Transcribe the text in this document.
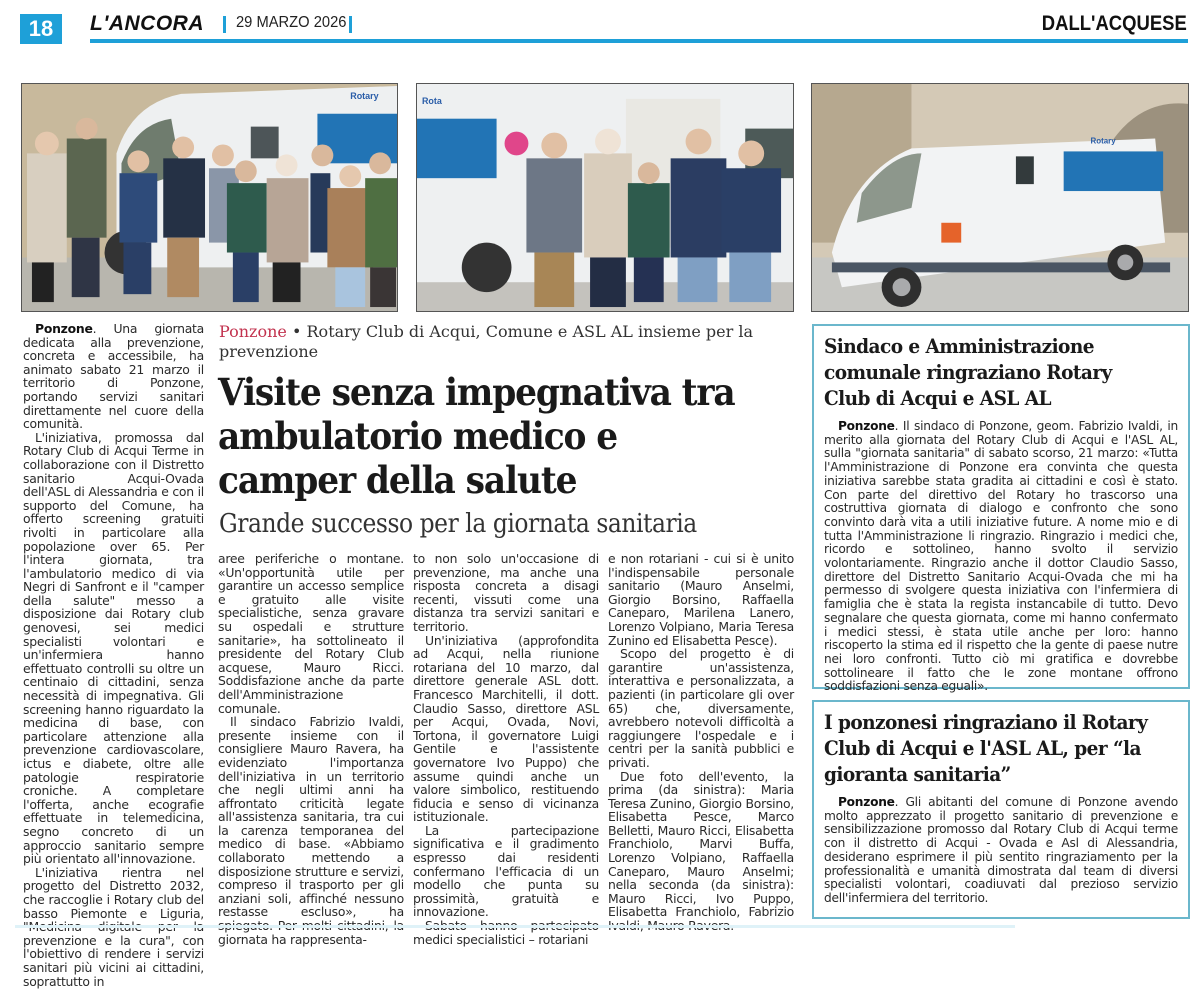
18	L'ANCORA 29 MARZO 2026	DALL'ACQUESE
Rotary	Rota
Rotary
Ponzone • Rotary Club di Acqui, Comune e ASL AL insieme per la prevenzione
Visite senza impegnativa tra ambulatorio medico e camper della salute
Grande successo per la giornata sanitaria

Ponzone. Una giornata dedicata alla prevenzione, concreta e accessibile, ha animato sabato 21 marzo il territorio di Ponzone, portando servizi sanitari direttamente nel cuore della comunità.

L'iniziativa, promossa dal Rotary Club di Acqui Terme in collaborazione con il Distretto sanitario Acqui-Ovada dell'ASL di Alessandria e con il supporto del Comune, ha offerto screening gratuiti rivolti in particolare alla popolazione over 65. Per l'intera giornata, tra l'ambulatorio medico di via Negri di Sanfront e il "camper della salute" messo a disposizione dai Rotary club genovesi, sei medici specialisti volontari e un'infermiera hanno effettuato controlli su oltre un centinaio di cittadini, senza necessità di impegnativa. Gli screening hanno riguardato la medicina di base, con particolare attenzione alla prevenzione cardiovascolare, ictus e diabete, oltre alle patologie respiratorie croniche. A completare l'offerta, anche ecografie effettuate in telemedicina, segno concreto di un approccio sanitario sempre più orientato all'innovazione.

L'iniziativa rientra nel progetto del Distretto 2032, che raccoglie i Rotary club del basso Piemonte e Liguria, prevenzione e la cura", con l'obiettivo di rendere i servizi sanitari più vicini ai cittadini, soprattutto in

aree periferiche o montane. «Un'opportunità utile per garantire un accesso semplice e gratuito alle visite specialistiche, senza gravare su ospedali e strutture sanitarie», ha sottolineato il presidente del Rotary Club acquese, Mauro Ricci. Soddisfazione anche da parte dell'Amministrazione comunale.

Il sindaco Fabrizio Ivaldi, presente insieme con il consigliere Mauro Ravera, ha evidenziato l'importanza dell'iniziativa in un territorio che negli ultimi anni ha affrontato criticità legate all'assistenza sanitaria, tra cui la carenza temporanea del medico di base. «Abbiamo collaborato mettendo a disposizione strutture e servizi, compreso il trasporto per gli anziani soli, affinché nessuno restasse escluso», ha giornata ha rappresenta-

to non solo un'occasione di prevenzione, ma anche una risposta concreta a disagi recenti, vissuti come una distanza tra servizi sanitari e territorio.

Un'iniziativa (approfondita ad Acqui, nella riunione rotariana del 10 marzo, dal direttore generale ASL dott. Francesco Marchitelli, il dott. Claudio Sasso, direttore ASL per Acqui, Ovada, Novi, Tortona, il governatore Luigi Gentile e l'assistente governatore Ivo Puppo) che assume quindi anche un valore simbolico, restituendo fiducia e senso di vicinanza istituzionale.

La partecipazione significativa e il gradimento espresso dai residenti confermano l'efficacia di un modello che punta su prossimità, gratuità e innovazione.

medici specialistici – rotariani

e non rotariani - cui si è unito l'indispensabile personale sanitario (Mauro Anselmi, Giorgio Borsino, Raffaella Caneparo, Marilena Lanero, Lorenzo Volpiano, Maria Teresa Zunino ed Elisabetta Pesce).

Scopo del progetto è di garantire un'assistenza, interattiva e personalizzata, a pazienti (in particolare gli over 65) che, diversamente, avrebbero notevoli difficoltà a raggiungere l'ospedale e i centri per la sanità pubblici e privati.

Due foto dell'evento, la prima (da sinistra): Maria Teresa Zunino, Giorgio Borsino, Elisabetta Pesce, Marco Belletti, Mauro Ricci, Elisabetta Franchiolo, Marvi Buffa, Lorenzo Volpiano, Raffaella Caneparo, Mauro Anselmi; nella seconda (da sinistra): Mauro Ricci, Ivo Puppo, Elisabetta Franchiolo, Fabrizio

Sindaco e Amministrazione comunale ringraziano Rotary Club di Acqui e ASL AL

Ponzone. Il sindaco di Ponzone, geom. Fabrizio Ivaldi, in merito alla giornata del Rotary Club di Acqui e l'ASL AL, sulla "giornata sanitaria" di sabato scorso, 21 marzo: «Tutta l'Amministrazione di Ponzone era convinta che questa iniziativa sarebbe stata gradita ai cittadini e così è stato. Con parte del direttivo del Rotary ho trascorso una costruttiva giornata di dialogo e confronto che sono convinto darà vita a utili iniziative future. A nome mio e di tutta l'Amministrazione li ringrazio. Ringrazio i medici che, ricordo e sottolineo, hanno svolto il servizio volontariamente. Ringrazio anche il dottor Claudio Sasso, direttore del Distretto Sanitario Acqui-Ovada che mi ha permesso di svolgere questa iniziativa con l'infermiera di famiglia che è stata la regista instancabile di tutto. Devo segnalare che questa giornata, come mi hanno confermato i medici stessi, è stata utile anche per loro: hanno riscoperto la stima ed il rispetto che la gente di paese nutre nei loro confronti. Tutto ciò mi gratifica e dovrebbe sottolineare il fatto che le zone montane offrono soddisfazioni senza eguali».

I ponzonesi ringraziano il Rotary Club di Acqui e l'ASL AL, per “la gioranta sanitaria”

Ponzone. Gli abitanti del comune di Ponzone avendo molto apprezzato il progetto sanitario di prevenzione e sensibilizzazione promosso dal Rotary Club di Acqui terme con il distretto di Acqui - Ovada e Asl di Alessandria, desiderano esprimere il più sentito ringraziamento per la professionalità e umanità dimostrata dal team di diversi specialisti volontari, coadiuvati dal prezioso servizio dell'infermiera del territorio.
